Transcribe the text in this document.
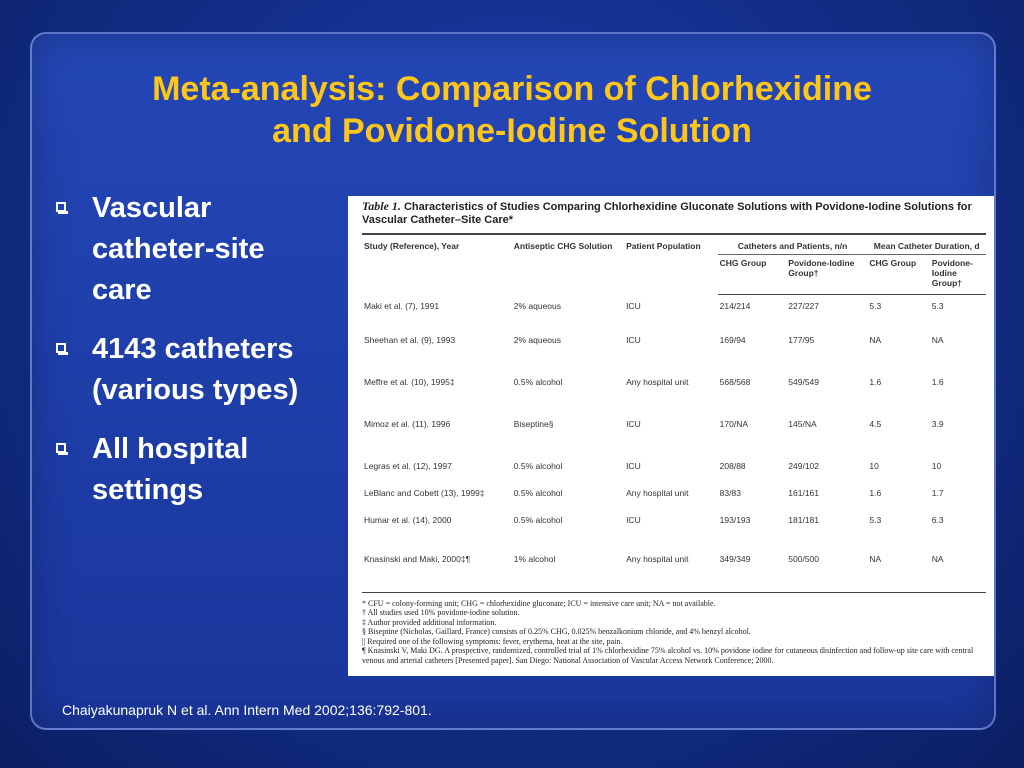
Meta-analysis: Comparison of Chlorhexidine
and Povidone-Iodine Solution
Vascular
catheter-site
care
4143 catheters
(various types)
All hospital
settings

Table 1. Characteristics of Studies Comparing Chlorhexidine Gluconate Solutions with Povidone-Iodine Solutions for Vascular Catheter–Site Care*

Study (Reference), Year	Antiseptic CHG Solution	Patient Population	Catheters and Patients, n/n		Mean Catheter Duration, d	
			CHG Group	Povidone-Iodine Group†	CHG Group	Povidone-Iodine Group†
Maki et al. (7), 1991	2% aqueous	ICU	214/214	227/227	5.3	5.3
Sheehan et al. (9), 1993	2% aqueous	ICU	169/94	177/95	NA	NA
Meffre et al. (10), 1995‡	0.5% alcohol	Any hospital unit	568/568	549/549	1.6	1.6
Mimoz et al. (11), 1996	Biseptine§	ICU	170/NA	145/NA	4.5	3.9
Legras et al. (12), 1997	0.5% alcohol	ICU	208/88	249/102	10	10
LeBlanc and Cobett (13), 1999‡	0.5% alcohol	Any hospital unit	83/83	161/161	1.6	1.7
Humar et al. (14), 2000	0.5% alcohol	ICU	193/193	181/181	5.3	6.3
Knasinski and Maki, 2000‡¶	1% alcohol	Any hospital unit	349/349	500/500	NA	NA
* CFU = colony-forming unit; CHG = chlorhexidine gluconate; ICU = intensive care unit; NA = not available.
† All studies used 10% povidone-iodine solution.
‡ Author provided additional information.
§ Biseptine (Nicholas, Gaillard, France) consists of 0.25% CHG, 0.025% benzalkonium chloride, and 4% benzyl alcohol.
|| Required one of the following symptoms: fever, erythema, heat at the site, pain.
¶ Knasinski V, Maki DG. A prospective, randomized, controlled trial of 1% chlorhexidine 75% alcohol vs. 10% povidone iodine for cutaneous disinfection and follow-up site care with central venous and arterial catheters [Presented paper]. San Diego: National Association of Vascular Access Network Conference; 2000.

Chaiyakunapruk N et al. Ann Intern Med 2002;136:792-801.
